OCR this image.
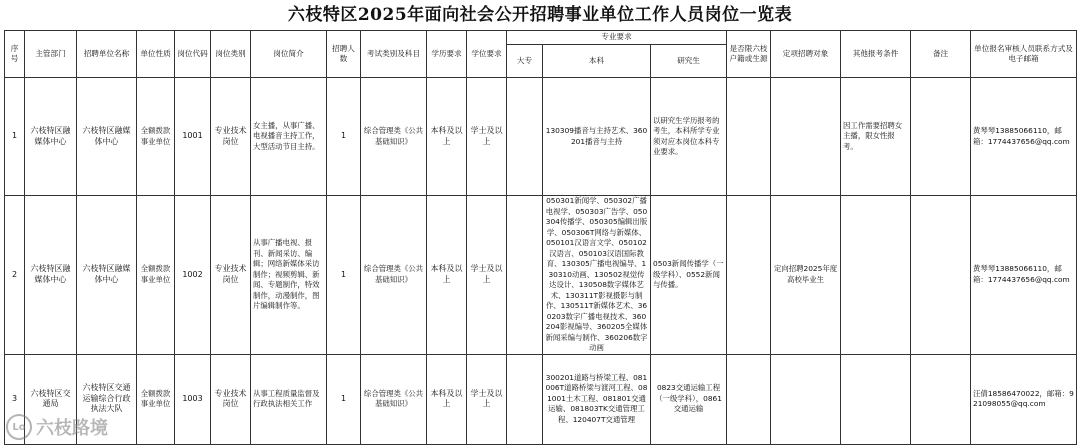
六枝特区2025年面向社会公开招聘事业单位工作人员岗位一览表
序号	主管部门	招聘单位名称	单位性质	岗位代码	岗位类别	岗位简介	招聘人数	考试类别及科目	学历要求	学位要求	专业要求			是否限六枝户籍或生源	定项招聘对象	其他报考条件	备注	单位报名审核人员联系方式及电子邮箱
											大专	本科	研究生					
1	六枝特区融媒体中心	六枝特区融媒体中心	全额拨款事业单位	1001	专业技术岗位	女主播，从事广播、电视播音主持工作，大型活动节目主持。	1	综合管理类《公共基础知识》	本科及以上	学士及以上		130309播音与主持艺术、360201播音与主持	以研究生学历报考的考生，本科所学专业须对应本岗位本科专业要求。			因工作需要招聘女主播，限女性报考。		黄琴琴13885066110，邮箱：1774437656@qq.com
2	六枝特区融媒体中心	六枝特区融媒体中心	全额拨款事业单位	1002	专业技术岗位	从事广播电视、报刊、新闻采访、编辑；网络新媒体采访制作；视频剪辑、新闻、专题制作，特效制作，动漫制作，图片编辑制作等。	1	综合管理类《公共基础知识》	本科及以上	学士及以上		050301新闻学、050302广播电视学、050303广告学、050304传播学、050305编辑出版学、050306T网络与新媒体、050101汉语言文学、050102汉语言、050103汉语国际教育、130305广播电视编导、130310动画、130502视觉传达设计、130508数字媒体艺术、130311T影视摄影与制作、130511T新媒体艺术、360203数字广播电视技术、360204影视编导、360205全媒体新闻采编与制作、360206数字动画	0503新闻传播学（一级学科）、0552新闻与传播。		定向招聘2025年度高校毕业生			黄琴琴13885066110，邮箱：1774437656@qq.com
3	六枝特区交通局	六枝特区交通运输综合行政执法大队	全额拨款事业单位	1003	专业技术岗位	从事工程质量监督及行政执法相关工作	1	综合管理类《公共基础知识》	本科及以上	学士及以上		300201道路与桥梁工程、081006T道路桥梁与渡河工程、081001土木工程、081801交通运输、081803TK交通管理工程、120407T交通管理	0823交通运输工程（一级学科），0861交通运输					汪倩18586470022，邮箱：921098055@qq.com
Lo 六枝路境
